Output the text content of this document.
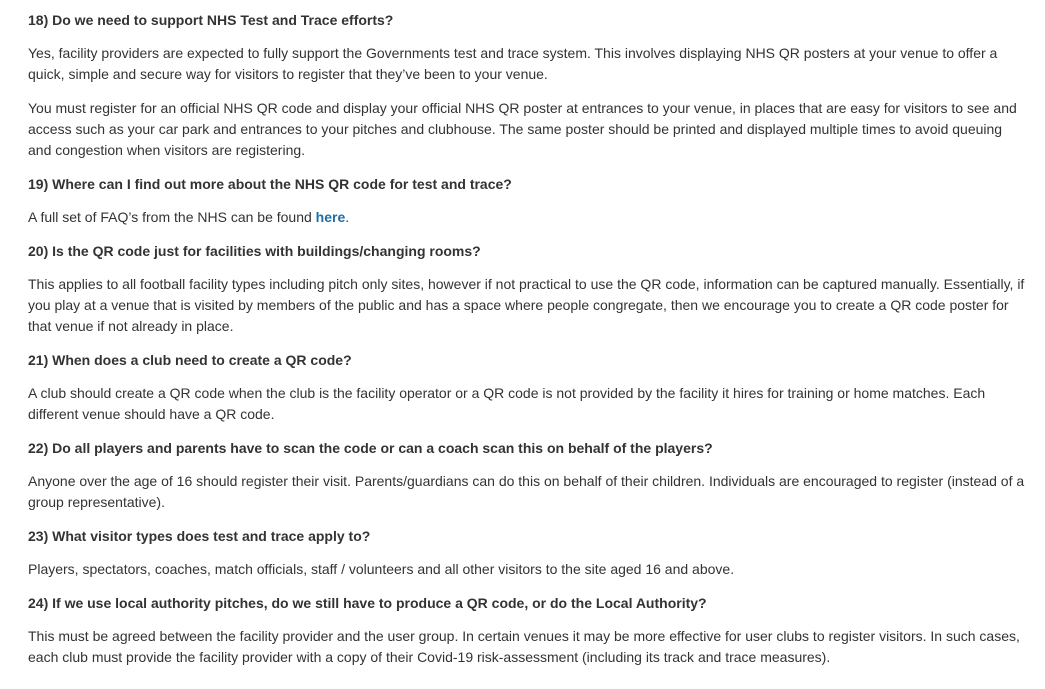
18) Do we need to support NHS Test and Trace efforts?

Yes, facility providers are expected to fully support the Governments test and trace system. This involves displaying NHS QR posters at your venue to offer a quick, simple and secure way for visitors to register that they’ve been to your venue.

You must register for an official NHS QR code and display your official NHS QR poster at entrances to your venue, in places that are easy for visitors to see and access such as your car park and entrances to your pitches and clubhouse. The same poster should be printed and displayed multiple times to avoid queuing and congestion when visitors are registering.

19) Where can I find out more about the NHS QR code for test and trace?

A full set of FAQ’s from the NHS can be found here.

20) Is the QR code just for facilities with buildings/changing rooms?

This applies to all football facility types including pitch only sites, however if not practical to use the QR code, information can be captured manually. Essentially, if you play at a venue that is visited by members of the public and has a space where people congregate, then we encourage you to create a QR code poster for that venue if not already in place.

21) When does a club need to create a QR code?

A club should create a QR code when the club is the facility operator or a QR code is not provided by the facility it hires for training or home matches. Each different venue should have a QR code.

22) Do all players and parents have to scan the code or can a coach scan this on behalf of the players?

Anyone over the age of 16 should register their visit. Parents/guardians can do this on behalf of their children. Individuals are encouraged to register (instead of a group representative).

23) What visitor types does test and trace apply to?

Players, spectators, coaches, match officials, staff / volunteers and all other visitors to the site aged 16 and above.

24) If we use local authority pitches, do we still have to produce a QR code, or do the Local Authority?

This must be agreed between the facility provider and the user group. In certain venues it may be more effective for user clubs to register visitors. In such cases, each club must provide the facility provider with a copy of their Covid-19 risk-assessment (including its track and trace measures).
